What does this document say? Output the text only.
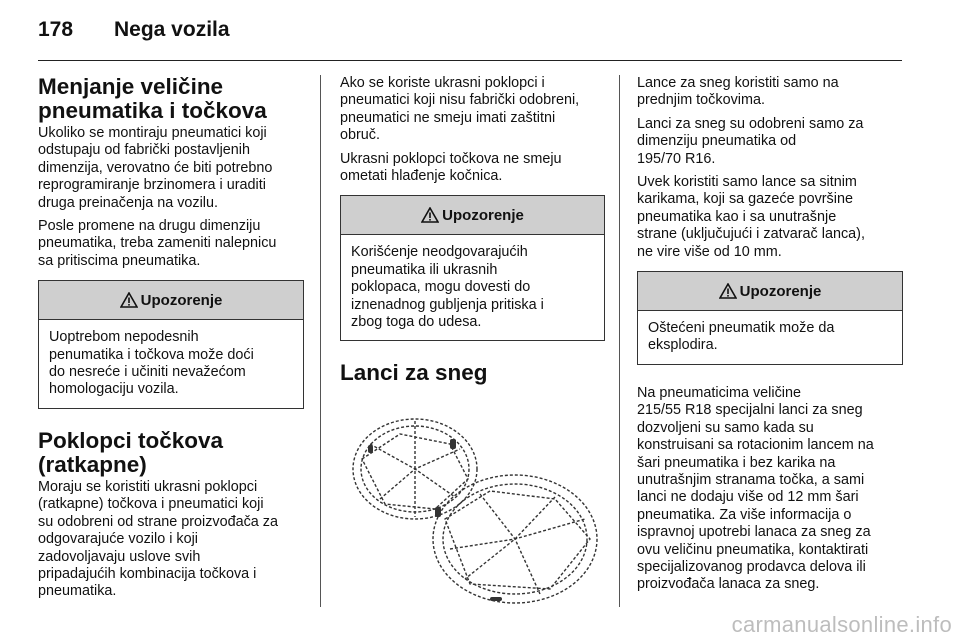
178	Nega vozila
Menjanje veličine
pneumatika i točkova

Ukoliko se montiraju pneumatici koji
odstupaju od fabrički postavljenih
dimenzija, verovatno će biti potrebno
reprogramiranje brzinomera i uraditi
druga preinačenja na vozilu.

Posle promene na drugu dimenziju
pneumatika, treba zameniti nalepnicu
sa pritiscima pneumatika.

Upozorenje
Uoptrebom nepodesnih
penumatika i točkova može doći
do nesreće i učiniti nevažećom
homologaciju vozila.
Poklopci točkova
(ratkapne)

Moraju se koristiti ukrasni poklopci
(ratkapne) točkova i pneumatici koji
su odobreni od strane proizvođača za
odgovarajuće vozilo i koji
zadovoljavaju uslove svih
pripadajućih kombinacija točkova i
pneumatika.

Ako se koriste ukrasni poklopci i
pneumatici koji nisu fabrički odobreni,
pneumatici ne smeju imati zaštitni
obruč.

Ukrasni poklopci točkova ne smeju
ometati hlađenje kočnica.

Upozorenje
Korišćenje neodgovarajućih
pneumatika ili ukrasnih
poklopaca, mogu dovesti do
iznenadnog gubljenja pritiska i
zbog toga do udesa.
Lanci za sneg

Lance za sneg koristiti samo na
prednjim točkovima.

Lanci za sneg su odobreni samo za
dimenziju pneumatika od
195/70 R16.

Uvek koristiti samo lance sa sitnim
karikama, koji sa gazeće površine
pneumatika kao i sa unutrašnje
strane (uključujući i zatvarač lanca),
ne vire više od 10 mm.

Upozorenje
Oštećeni pneumatik može da
eksplodira.

Na pneumaticima veličine
215/55 R18 specijalni lanci za sneg
dozvoljeni su samo kada su
konstruisani sa rotacionim lancem na
šari pneumatika i bez karika na
unutrašnjim stranama točka, a sami
lanci ne dodaju više od 12 mm šari
pneumatika. Za više informacija o
ispravnoj upotrebi lanaca za sneg za
ovu veličinu pneumatika, kontaktirati
specijalizovanog prodavca delova ili
proizvođača lanaca za sneg.

carmanualsonline.info
